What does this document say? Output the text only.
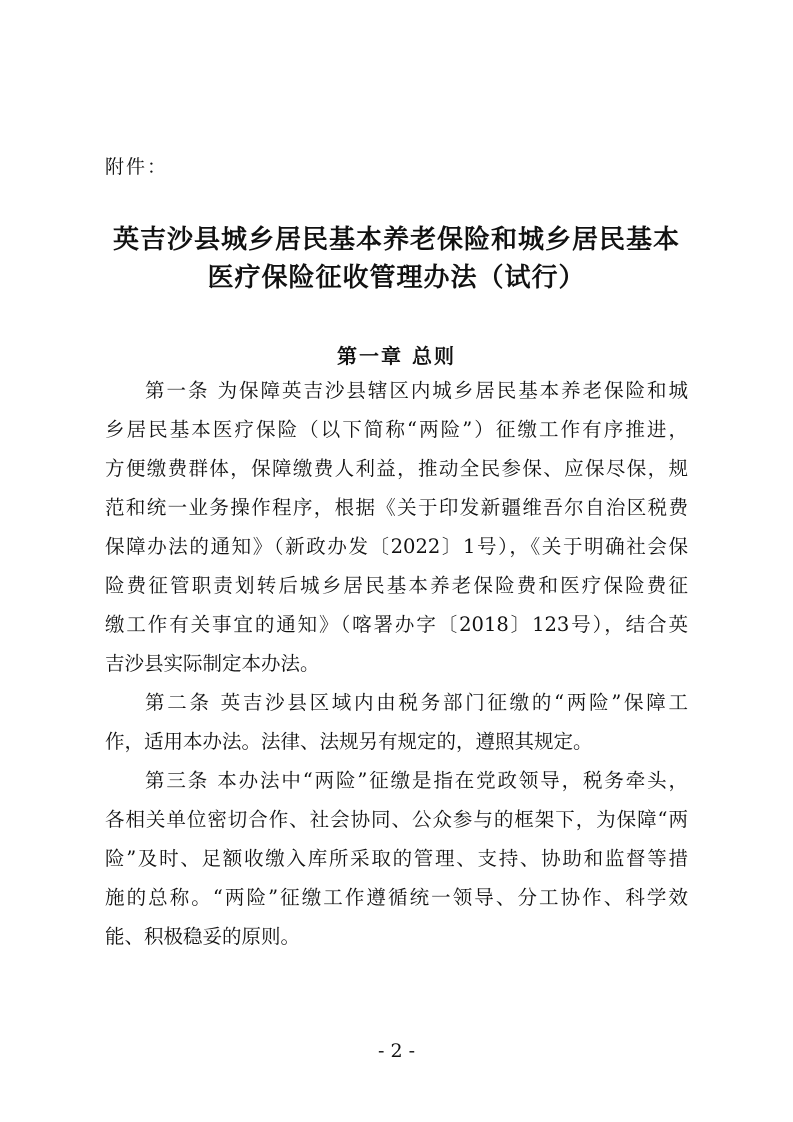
附件：

英吉沙县城乡居民基本养老保险和城乡居民基本
医疗保险征收管理办法（试行）
第一章 总则

第一条 为保障英吉沙县辖区内城乡居民基本养老保险和城

乡居民基本医疗保险（以下简称“两险”）征缴工作有序推进，

方便缴费群体，保障缴费人利益，推动全民参保、应保尽保，规

范和统一业务操作程序，根据《关于印发新疆维吾尔自治区税费

保障办法的通知》（新政办发〔2022〕1号），《关于明确社会保

险费征管职责划转后城乡居民基本养老保险费和医疗保险费征

缴工作有关事宜的通知》（喀署办字〔2018〕123号），结合英

吉沙县实际制定本办法。

第二条 英吉沙县区域内由税务部门征缴的“两险”保障工

作，适用本办法。法律、法规另有规定的，遵照其规定。

第三条 本办法中“两险”征缴是指在党政领导，税务牵头，

各相关单位密切合作、社会协同、公众参与的框架下，为保障“两

险”及时、足额收缴入库所采取的管理、支持、协助和监督等措

施的总称。“两险”征缴工作遵循统一领导、分工协作、科学效

能、积极稳妥的原则。

- 2 -
